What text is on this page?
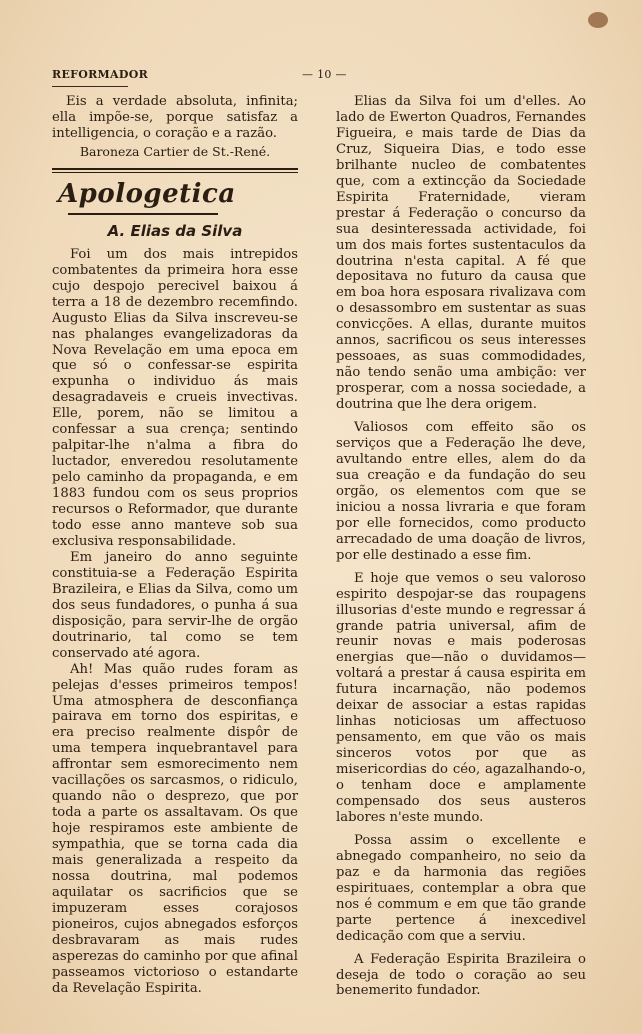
REFORMADOR	— 10 —

Eis a verdade absoluta, infinita; ella impõe-se, porque satisfaz a intelligencia, o coração e a razão.

Baroneza Cartier de St.-René.

Apologetica
A. Elias da Silva

Foi um dos mais intrepidos combatentes da primeira hora esse cujo despojo perecivel baixou á terra a 18 de dezembro recemfindo. Augusto Elias da Silva inscreveu-se nas phalanges evangelizadoras da Nova Revelação em uma epoca em que só o confessar-se espirita expunha o individuo ás mais desagradaveis e crueis invectivas. Elle, porem, não se limitou a confessar a sua crença; sentindo palpitar-lhe n'alma a fibra do luctador, enveredou resolutamente pelo caminho da propaganda, e em 1883 fundou com os seus proprios recursos o Reformador, que durante todo esse anno manteve sob sua exclusiva responsabilidade.

Em janeiro do anno seguinte constituia-se a Federação Espirita Brazileira, e Elias da Silva, como um dos seus fundadores, o punha á sua disposição, para servir-lhe de orgão doutrinario, tal como se tem conservado até agora.

Ah! Mas quão rudes foram as pelejas d'esses primeiros tempos! Uma atmosphera de desconfiança pairava em torno dos espiritas, e era preciso realmente dispôr de uma tempera inquebrantavel para affrontar sem esmorecimento nem vacillações os sarcasmos, o ridiculo, quando não o desprezo, que por toda a parte os assaltavam. Os que hoje respiramos este ambiente de sympathia, que se torna cada dia mais generalizada a respeito da nossa doutrina, mal podemos aquilatar os sacrificios que se impuzeram esses corajosos pioneiros, cujos abnegados esforços desbravaram as mais rudes asperezas do caminho por que afinal passeamos victorioso o estandarte da Revelação Espirita.

Elias da Silva foi um d'elles. Ao lado de Ewerton Quadros, Fernandes Figueira, e mais tarde de Dias da Cruz, Siqueira Dias, e todo esse brilhante nucleo de combatentes que, com a extincção da Sociedade Espirita Fraternidade, vieram prestar á Federação o concurso da sua desinteressada actividade, foi um dos mais fortes sustentaculos da doutrina n'esta capital. A fé que depositava no futuro da causa que em boa hora esposara rivalizava com o desassombro em sustentar as suas convicções. A ellas, durante muitos annos, sacrificou os seus interesses pessoaes, as suas commodidades, não tendo senão uma ambição: ver prosperar, com a nossa sociedade, a doutrina que lhe dera origem.

Valiosos com effeito são os serviços que a Federação lhe deve, avultando entre elles, alem do da sua creação e da fundação do seu orgão, os elementos com que se iniciou a nossa livraria e que foram por elle fornecidos, como producto arrecadado de uma doação de livros, por elle destinado a esse fim.

E hoje que vemos o seu valoroso espirito despojar-se das roupagens illusorias d'este mundo e regressar á grande patria universal, afim de reunir novas e mais poderosas energias que—não o duvidamos—voltará a prestar á causa espirita em futura incarnação, não podemos deixar de associar a estas rapidas linhas noticiosas um affectuoso pensamento, em que vão os mais sinceros votos por que as misericordias do céo, agazalhando-o, o tenham doce e amplamente compensado dos seus austeros labores n'este mundo.

Possa assim o excellente e abnegado companheiro, no seio da paz e da harmonia das regiões espirituaes, contemplar a obra que nos é commum e em que tão grande parte pertence á inexcedivel dedicação com que a serviu.

A Federação Espirita Brazileira o deseja de todo o coração ao seu benemerito fundador.
